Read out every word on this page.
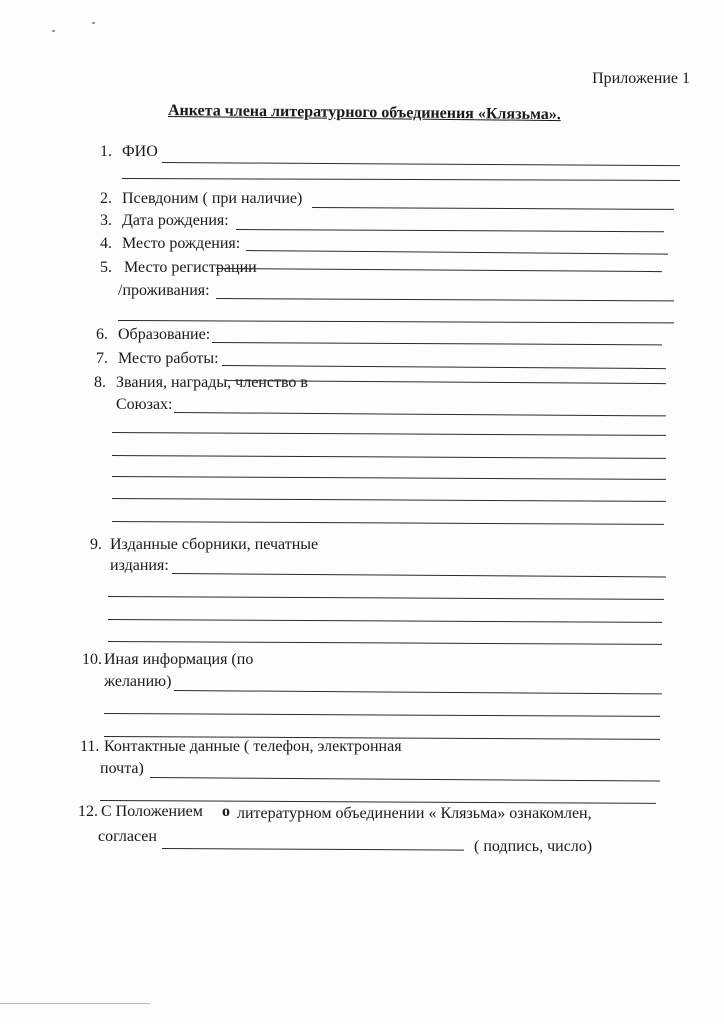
Приложение 1
Анкета члена литературного объединения «Клязьма».
1. ФИО
2. Псевдоним ( при наличие)
3. Дата рождения:
4. Место рождения:
5. Место регистрации
/проживания:
6. Образование:
7. Место работы:
8. Звания, награды, членство в
Союзах:
9. Изданные сборники, печатные
издания:
10. Иная информация (по
желанию)
11. Контактные данные ( телефон, электронная
почта)
12. С Положением о литературном объединении « Клязьма» ознакомлен,
согласен
( подпись, число)
